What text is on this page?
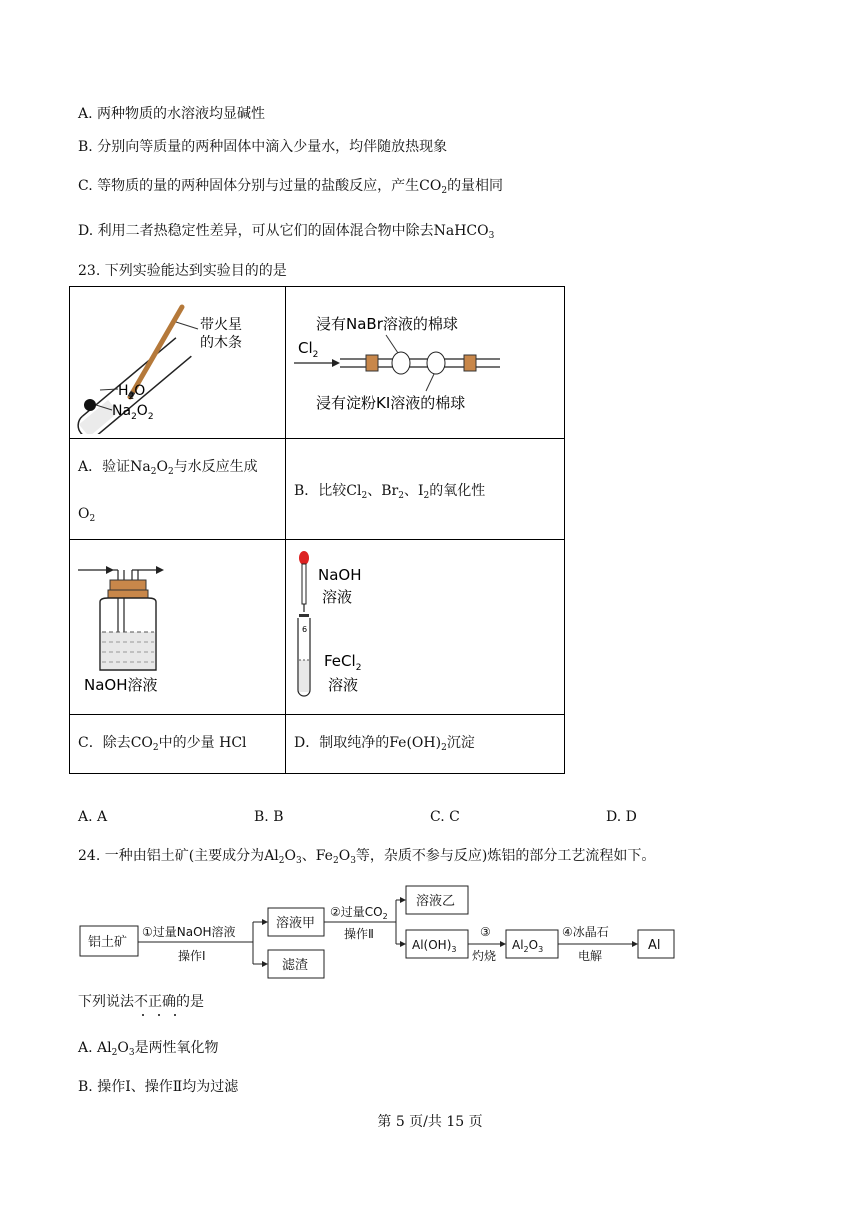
A. 两种物质的水溶液均显碱性
B. 分别向等质量的两种固体中滴入少量水，均伴随放热现象
C. 等物质的量的两种固体分别与过量的盐酸反应，产生$CO_2$的量相同
D. 利用二者热稳定性差异，可从它们的固体混合物中除去NaHCO$_3$
23. 下列实验能达到实验目的的是
带火星
的木条
$H_2O$
$Na_2O_2$	浸有NaBr溶液的棉球
$Cl_2$
浸有淀粉KI溶液的棉球

A．验证$Na_2O_2$与水反应生成
$O_2$	B．比较$Cl_2$、$Br_2$、$I_2$的氧化性

NaOH溶液	6
NaOH
溶液
FeCl$_2$
溶液

C．除去$CO_2$中的少量 HCl	D．制取纯净的$Fe(OH)_2$沉淀
A. A	B. B	C. C	D. D
24. 一种由铝土矿(主要成分为$Al_2O_3$、$Fe_2O_3$等，杂质不参与反应)炼铝的部分工艺流程如下。
铝土矿
①过量NaOH溶液
操作Ⅰ
溶液甲
滤渣
②过量$CO_2$
操作Ⅱ
溶液乙
$Al(OH)_3$
③
灼烧
$Al_2O_3$
④冰晶石
电解
Al
下列说法不正确的是
A. $Al_2O_3$是两性氧化物
B. 操作Ⅰ、操作Ⅱ均为过滤
第 5 页/共 15 页
